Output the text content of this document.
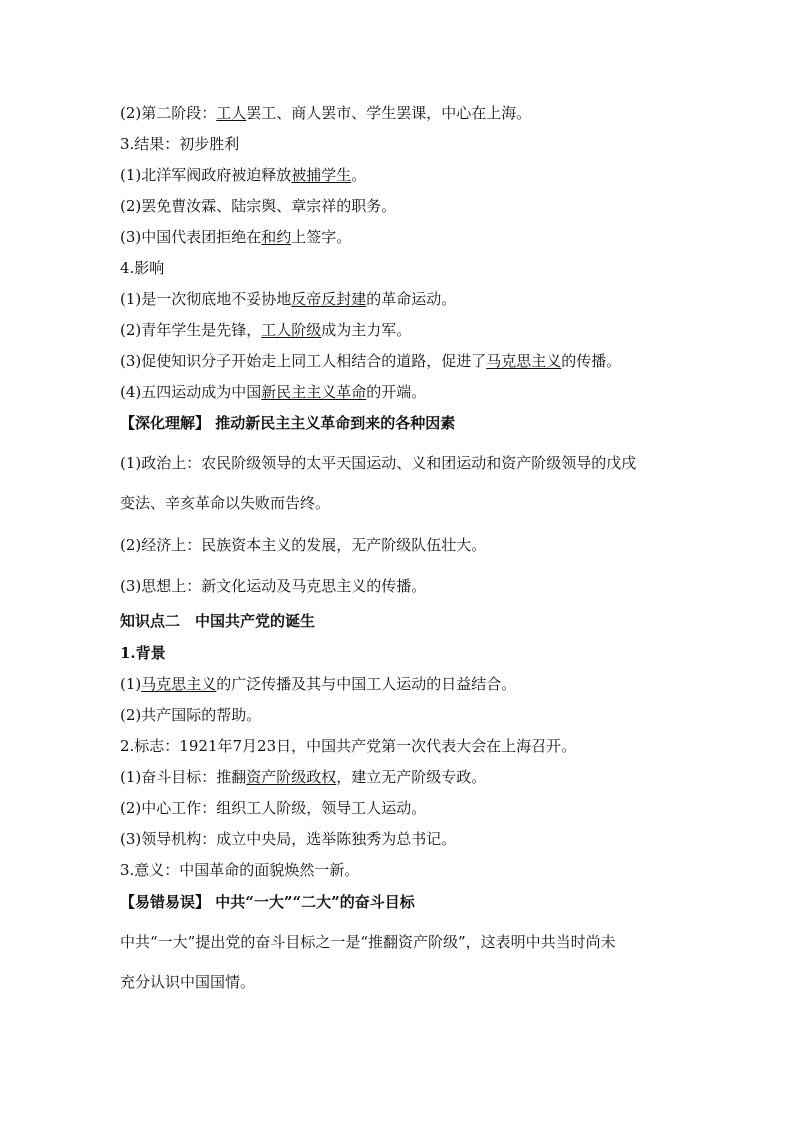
(2)第二阶段：工人罢工、商人罢市、学生罢课，中心在上海。
3.结果：初步胜利
(1)北洋军阀政府被迫释放被捕学生。
(2)罢免曹汝霖、陆宗舆、章宗祥的职务。
(3)中国代表团拒绝在和约上签字。
4.影响
(1)是一次彻底地不妥协地反帝反封建的革命运动。
(2)青年学生是先锋，工人阶级成为主力军。
(3)促使知识分子开始走上同工人相结合的道路，促进了马克思主义的传播。
(4)五四运动成为中国新民主主义革命的开端。
【深化理解】 推动新民主主义革命到来的各种因素
(1)政治上：农民阶级领导的太平天国运动、义和团运动和资产阶级领导的戊戌
变法、辛亥革命以失败而告终。
(2)经济上：民族资本主义的发展，无产阶级队伍壮大。
(3)思想上：新文化运动及马克思主义的传播。
知识点二　中国共产党的诞生
1.背景
(1)马克思主义的广泛传播及其与中国工人运动的日益结合。
(2)共产国际的帮助。
2.标志：1921年7月23日，中国共产党第一次代表大会在上海召开。
(1)奋斗目标：推翻资产阶级政权，建立无产阶级专政。
(2)中心工作：组织工人阶级，领导工人运动。
(3)领导机构：成立中央局，选举陈独秀为总书记。
3.意义：中国革命的面貌焕然一新。
【易错易误】 中共“一大”“二大”的奋斗目标
中共“一大”提出党的奋斗目标之一是“推翻资产阶级”，这表明中共当时尚未
充分认识中国国情。
